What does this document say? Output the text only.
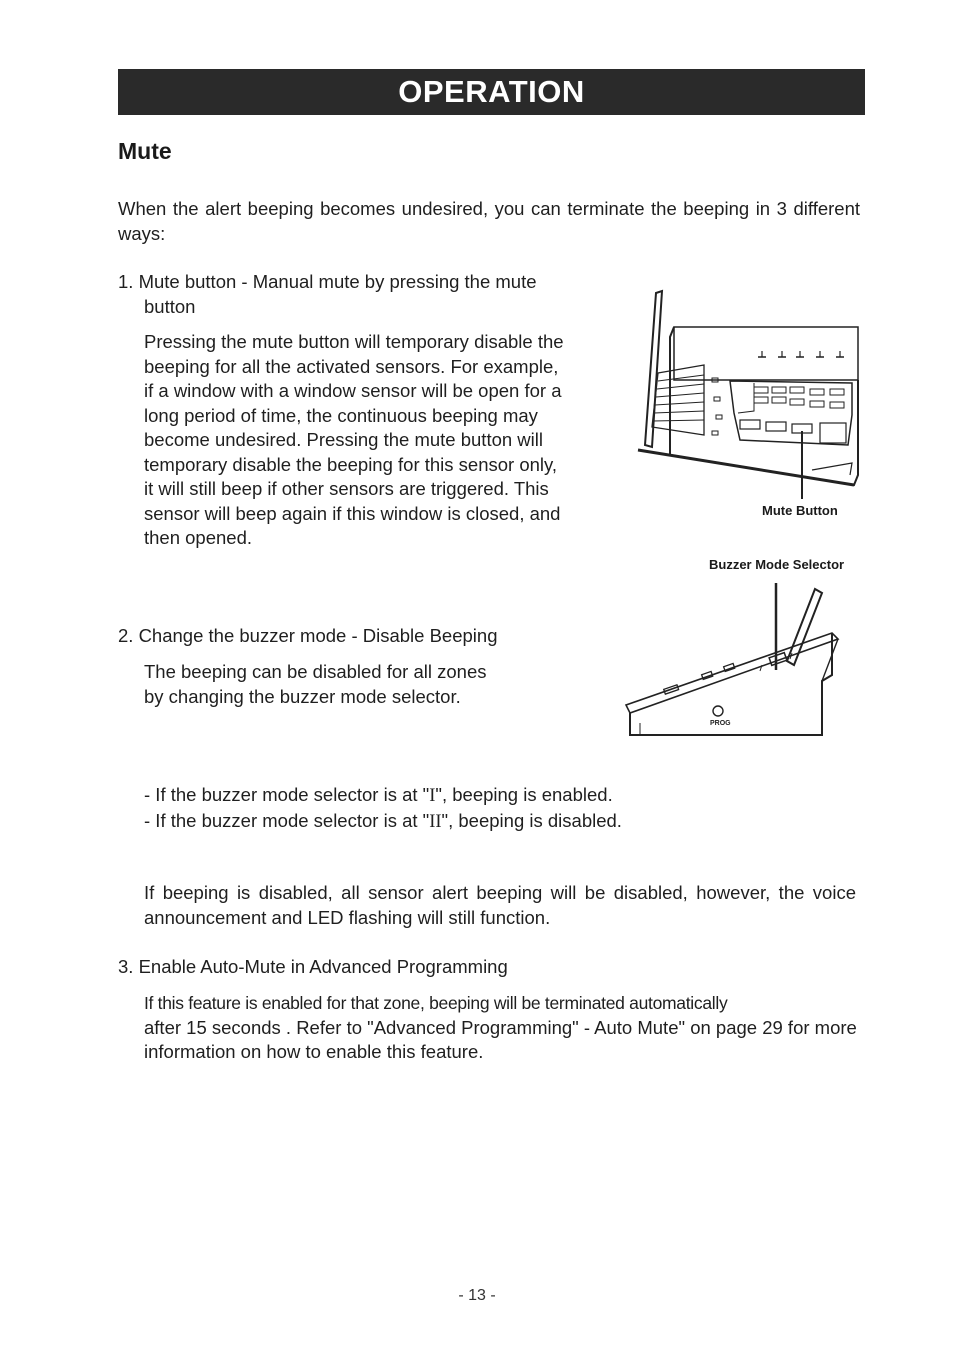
OPERATION
Mute
When the alert beeping becomes undesired, you can terminate the beeping in 3 different ways:
1. Mute button - Manual mute by pressing the mute button
Pressing the mute button will temporary disable the beeping for all the activated sensors. For example, if a window with a window sensor will be open for a long period of time, the continuous beeping may become undesired. Pressing the mute button will temporary disable the beeping for this sensor only, it will still beep if other sensors are triggered. This sensor will beep again if this window is closed, and then opened.
2. Change the buzzer mode - Disable Beeping
The beeping can be disabled for all zones by changing the buzzer mode selector.
- If the buzzer mode selector is at "I", beeping is enabled.
- If the buzzer mode selector is at "II", beeping is disabled.
If beeping is disabled, all sensor alert beeping will be disabled, however, the voice announcement and LED flashing will still function.
3. Enable Auto-Mute in Advanced Programming
If this feature is enabled for that zone, beeping will be terminated automatically
after 15 seconds . Refer to "Advanced Programming" - Auto Mute" on page 29 for more information on how to enable this feature.
Mute Button
Buzzer Mode Selector
PROG
- 13 -
